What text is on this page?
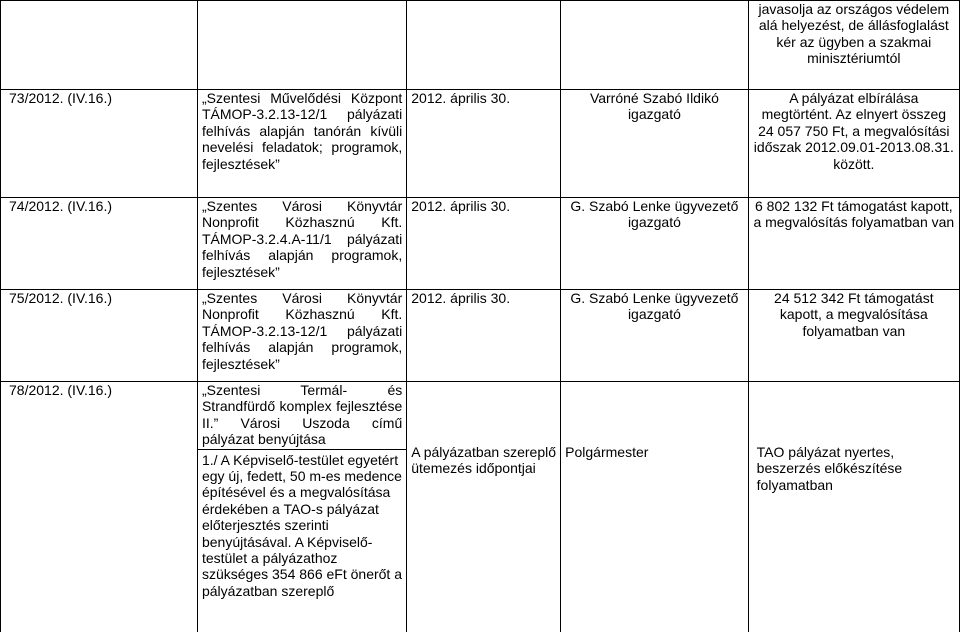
				javasolja az országos védelem alá helyezést, de állásfoglalást kér az ügyben a szakmai minisztériumtól
73/2012. (IV.16.)	„Szentesi Művelődési Központ TÁMOP-3.2.13-12/1 pályázati felhívás alapján tanórán kívüli nevelési feladatok; programok, fejlesztések”	2012. április 30.	Varróné Szabó Ildikó igazgató	A pályázat elbírálása megtörtént. Az elnyert összeg 24 057 750 Ft, a megvalósítási időszak 2012.09.01-2013.08.31. között.
74/2012. (IV.16.)	„Szentes Városi Könyvtár Nonprofit Közhasznú Kft. TÁMOP-3.2.4.A-11/1 pályázati felhívás alapján programok, fejlesztések”	2012. április 30.	G. Szabó Lenke ügyvezető igazgató	6 802 132 Ft támogatást kapott, a megvalósítás folyamatban van
75/2012. (IV.16.)	„Szentes Városi Könyvtár Nonprofit Közhasznú Kft. TÁMOP-3.2.13-12/1 pályázati felhívás alapján programok, fejlesztések”	2012. április 30.	G. Szabó Lenke ügyvezető igazgató	24 512 342 Ft támogatást kapott, a megvalósítása folyamatban van
78/2012. (IV.16.)	„Szentesi Termál- és Strandfürdő komplex fejlesztése II.” Városi Uszoda című pályázat benyújtása
1./ A Képviselő-testület egyetért egy új, fedett, 50 m-es medence építésével és a megvalósítása érdekében a TAO-s pályázat előterjesztés szerinti benyújtásával. A Képviselő-testület a pályázathoz szükséges 354 866 eFt önerőt a pályázatban szereplő	A pályázatban szereplő ütemezés időpontjai	Polgármester	TAO pályázat nyertes, beszerzés előkészítése folyamatban
